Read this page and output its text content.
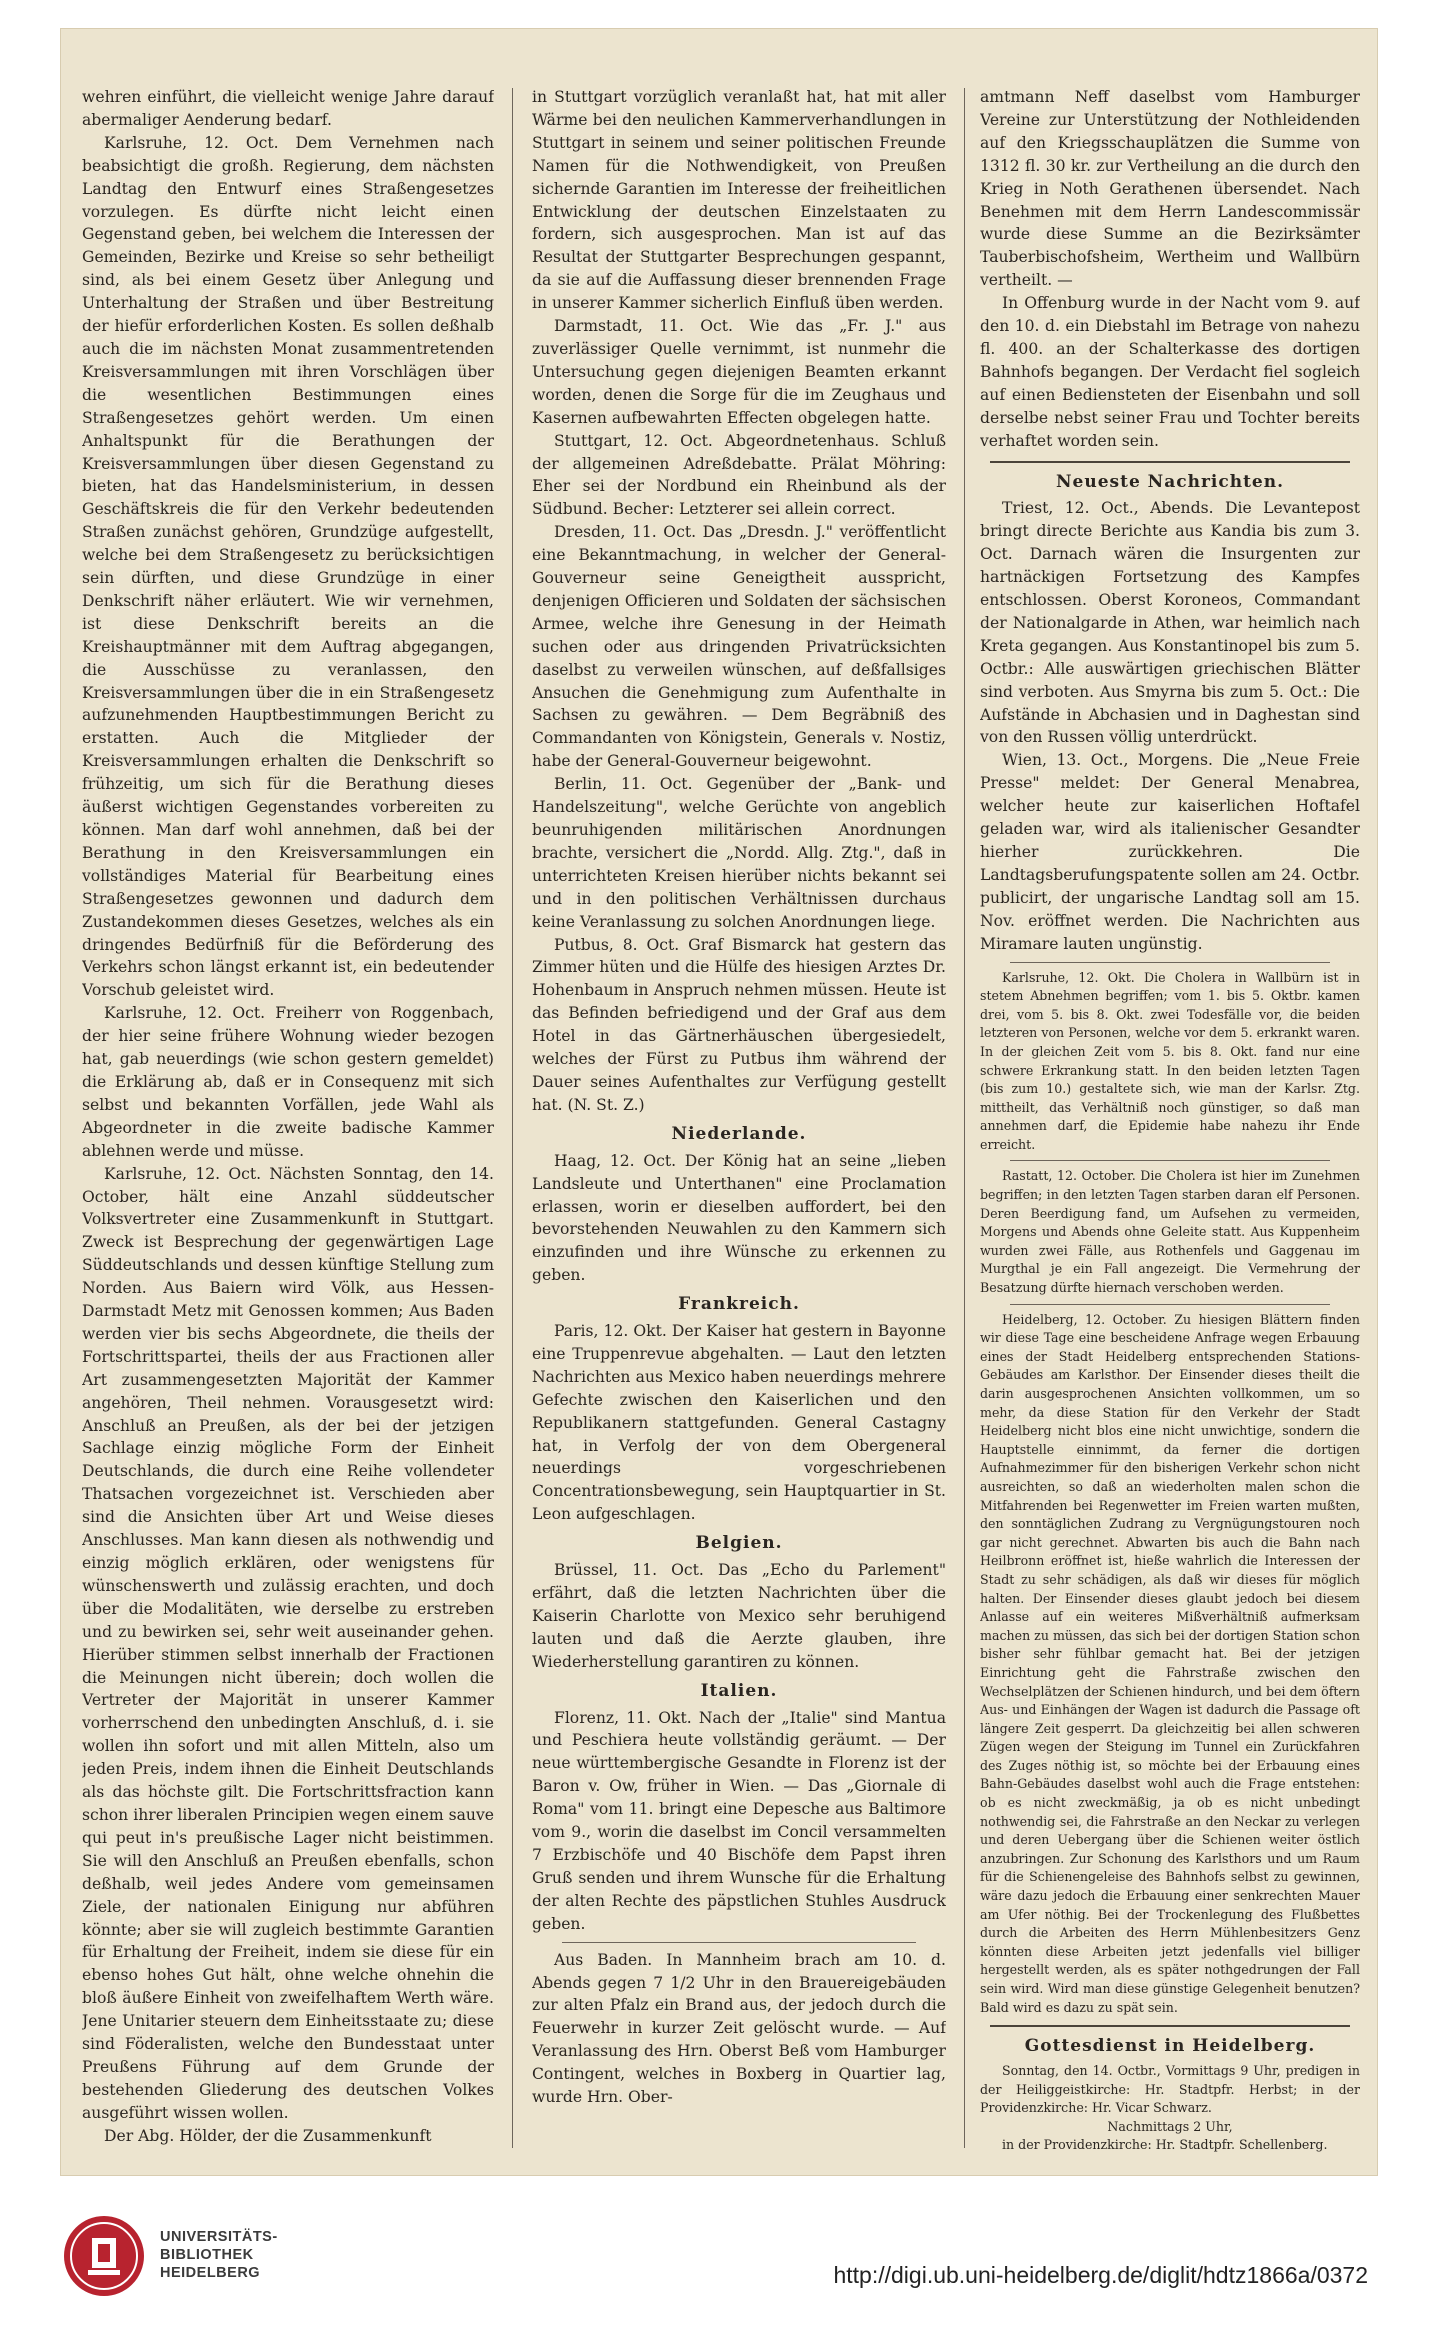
wehren einführt, die vielleicht wenige Jahre darauf abermaliger Aenderung bedarf.

Karlsruhe, 12. Oct. Dem Vernehmen nach beabsichtigt die großh. Regierung, dem nächsten Landtag den Entwurf eines Straßengesetzes vorzulegen. Es dürfte nicht leicht einen Gegenstand geben, bei welchem die Interessen der Gemeinden, Bezirke und Kreise so sehr betheiligt sind, als bei einem Gesetz über Anlegung und Unterhaltung der Straßen und über Bestreitung der hiefür erforderlichen Kosten. Es sollen deßhalb auch die im nächsten Monat zusammentretenden Kreisversammlungen mit ihren Vorschlägen über die wesentlichen Bestimmungen eines Straßengesetzes gehört werden. Um einen Anhaltspunkt für die Berathungen der Kreisversammlungen über diesen Gegenstand zu bieten, hat das Handelsministerium, in dessen Geschäftskreis die für den Verkehr bedeutenden Straßen zunächst gehören, Grundzüge aufgestellt, welche bei dem Straßengesetz zu berücksichtigen sein dürften, und diese Grundzüge in einer Denkschrift näher erläutert. Wie wir vernehmen, ist diese Denkschrift bereits an die Kreishauptmänner mit dem Auftrag abgegangen, die Ausschüsse zu veranlassen, den Kreisversammlungen über die in ein Straßengesetz aufzunehmenden Hauptbestimmungen Bericht zu erstatten. Auch die Mitglieder der Kreisversammlungen erhalten die Denkschrift so frühzeitig, um sich für die Berathung dieses äußerst wichtigen Gegenstandes vorbereiten zu können. Man darf wohl annehmen, daß bei der Berathung in den Kreisversammlungen ein vollständiges Material für Bearbeitung eines Straßengesetzes gewonnen und dadurch dem Zustandekommen dieses Gesetzes, welches als ein dringendes Bedürfniß für die Beförderung des Verkehrs schon längst erkannt ist, ein bedeutender Vorschub geleistet wird.

Karlsruhe, 12. Oct. Freiherr von Roggenbach, der hier seine frühere Wohnung wieder bezogen hat, gab neuerdings (wie schon gestern gemeldet) die Erklärung ab, daß er in Consequenz mit sich selbst und bekannten Vorfällen, jede Wahl als Abgeordneter in die zweite badische Kammer ablehnen werde und müsse.

Karlsruhe, 12. Oct. Nächsten Sonntag, den 14. October, hält eine Anzahl süddeutscher Volksvertreter eine Zusammenkunft in Stuttgart. Zweck ist Besprechung der gegenwärtigen Lage Süddeutschlands und dessen künftige Stellung zum Norden. Aus Baiern wird Völk, aus Hessen-Darmstadt Metz mit Genossen kommen; Aus Baden werden vier bis sechs Abgeordnete, die theils der Fortschrittspartei, theils der aus Fractionen aller Art zusammengesetzten Majorität der Kammer angehören, Theil nehmen. Vorausgesetzt wird: Anschluß an Preußen, als der bei der jetzigen Sachlage einzig mögliche Form der Einheit Deutschlands, die durch eine Reihe vollendeter Thatsachen vorgezeichnet ist. Verschieden aber sind die Ansichten über Art und Weise dieses Anschlusses. Man kann diesen als nothwendig und einzig möglich erklären, oder wenigstens für wünschenswerth und zulässig erachten, und doch über die Modalitäten, wie derselbe zu erstreben und zu bewirken sei, sehr weit auseinander gehen. Hierüber stimmen selbst innerhalb der Fractionen die Meinungen nicht überein; doch wollen die Vertreter der Majorität in unserer Kammer vorherrschend den unbedingten Anschluß, d. i. sie wollen ihn sofort und mit allen Mitteln, also um jeden Preis, indem ihnen die Einheit Deutschlands als das höchste gilt. Die Fortschrittsfraction kann schon ihrer liberalen Principien wegen einem sauve qui peut in's preußische Lager nicht beistimmen. Sie will den Anschluß an Preußen ebenfalls, schon deßhalb, weil jedes Andere vom gemeinsamen Ziele, der nationalen Einigung nur abführen könnte; aber sie will zugleich bestimmte Garantien für Erhaltung der Freiheit, indem sie diese für ein ebenso hohes Gut hält, ohne welche ohnehin die bloß äußere Einheit von zweifelhaftem Werth wäre. Jene Unitarier steuern dem Einheitsstaate zu; diese sind Föderalisten, welche den Bundesstaat unter Preußens Führung auf dem Grunde der bestehenden Gliederung des deutschen Volkes ausgeführt wissen wollen.

Der Abg. Hölder, der die Zusammenkunft

in Stuttgart vorzüglich veranlaßt hat, hat mit aller Wärme bei den neulichen Kammerverhandlungen in Stuttgart in seinem und seiner politischen Freunde Namen für die Nothwendigkeit, von Preußen sichernde Garantien im Interesse der freiheitlichen Entwicklung der deutschen Einzelstaaten zu fordern, sich ausgesprochen. Man ist auf das Resultat der Stuttgarter Besprechungen gespannt, da sie auf die Auffassung dieser brennenden Frage in unserer Kammer sicherlich Einfluß üben werden.

Darmstadt, 11. Oct. Wie das „Fr. J." aus zuverlässiger Quelle vernimmt, ist nunmehr die Untersuchung gegen diejenigen Beamten erkannt worden, denen die Sorge für die im Zeughaus und Kasernen aufbewahrten Effecten obgelegen hatte.

Stuttgart, 12. Oct. Abgeordnetenhaus. Schluß der allgemeinen Adreßdebatte. Prälat Möhring: Eher sei der Nordbund ein Rheinbund als der Südbund. Becher: Letzterer sei allein correct.

Dresden, 11. Oct. Das „Dresdn. J." veröffentlicht eine Bekanntmachung, in welcher der General-Gouverneur seine Geneigtheit ausspricht, denjenigen Officieren und Soldaten der sächsischen Armee, welche ihre Genesung in der Heimath suchen oder aus dringenden Privatrücksichten daselbst zu verweilen wünschen, auf deßfallsiges Ansuchen die Genehmigung zum Aufenthalte in Sachsen zu gewähren. — Dem Begräbniß des Commandanten von Königstein, Generals v. Nostiz, habe der General-Gouverneur beigewohnt.

Berlin, 11. Oct. Gegenüber der „Bank- und Handelszeitung", welche Gerüchte von angeblich beunruhigenden militärischen Anordnungen brachte, versichert die „Nordd. Allg. Ztg.", daß in unterrichteten Kreisen hierüber nichts bekannt sei und in den politischen Verhältnissen durchaus keine Veranlassung zu solchen Anordnungen liege.

Putbus, 8. Oct. Graf Bismarck hat gestern das Zimmer hüten und die Hülfe des hiesigen Arztes Dr. Hohenbaum in Anspruch nehmen müssen. Heute ist das Befinden befriedigend und der Graf aus dem Hotel in das Gärtnerhäuschen übergesiedelt, welches der Fürst zu Putbus ihm während der Dauer seines Aufenthaltes zur Verfügung gestellt hat. (N. St. Z.)

Niederlande.

Haag, 12. Oct. Der König hat an seine „lieben Landsleute und Unterthanen" eine Proclamation erlassen, worin er dieselben auffordert, bei den bevorstehenden Neuwahlen zu den Kammern sich einzufinden und ihre Wünsche zu erkennen zu geben.

Frankreich.

Paris, 12. Okt. Der Kaiser hat gestern in Bayonne eine Truppenrevue abgehalten. — Laut den letzten Nachrichten aus Mexico haben neuerdings mehrere Gefechte zwischen den Kaiserlichen und den Republikanern stattgefunden. General Castagny hat, in Verfolg der von dem Obergeneral neuerdings vorgeschriebenen Concentrationsbewegung, sein Hauptquartier in St. Leon aufgeschlagen.

Belgien.

Brüssel, 11. Oct. Das „Echo du Parlement" erfährt, daß die letzten Nachrichten über die Kaiserin Charlotte von Mexico sehr beruhigend lauten und daß die Aerzte glauben, ihre Wiederherstellung garantiren zu können.

Italien.

Florenz, 11. Okt. Nach der „Italie" sind Mantua und Peschiera heute vollständig geräumt. — Der neue württembergische Gesandte in Florenz ist der Baron v. Ow, früher in Wien. — Das „Giornale di Roma" vom 11. bringt eine Depesche aus Baltimore vom 9., worin die daselbst im Concil versammelten 7 Erzbischöfe und 40 Bischöfe dem Papst ihren Gruß senden und ihrem Wunsche für die Erhaltung der alten Rechte des päpstlichen Stuhles Ausdruck geben.

Aus Baden. In Mannheim brach am 10. d. Abends gegen 7 1/2 Uhr in den Brauereigebäuden zur alten Pfalz ein Brand aus, der jedoch durch die Feuerwehr in kurzer Zeit gelöscht wurde. — Auf Veranlassung des Hrn. Oberst Beß vom Hamburger Contingent, welches in Boxberg in Quartier lag, wurde Hrn. Ober-

amtmann Neff daselbst vom Hamburger Vereine zur Unterstützung der Nothleidenden auf den Kriegsschauplätzen die Summe von 1312 fl. 30 kr. zur Vertheilung an die durch den Krieg in Noth Gerathenen übersendet. Nach Benehmen mit dem Herrn Landescommissär wurde diese Summe an die Bezirksämter Tauberbischofsheim, Wertheim und Wallbürn vertheilt. —

In Offenburg wurde in der Nacht vom 9. auf den 10. d. ein Diebstahl im Betrage von nahezu fl. 400. an der Schalterkasse des dortigen Bahnhofs begangen. Der Verdacht fiel sogleich auf einen Bediensteten der Eisenbahn und soll derselbe nebst seiner Frau und Tochter bereits verhaftet worden sein.

Neueste Nachrichten.

Triest, 12. Oct., Abends. Die Levantepost bringt directe Berichte aus Kandia bis zum 3. Oct. Darnach wären die Insurgenten zur hartnäckigen Fortsetzung des Kampfes entschlossen. Oberst Koroneos, Commandant der Nationalgarde in Athen, war heimlich nach Kreta gegangen. Aus Konstantinopel bis zum 5. Octbr.: Alle auswärtigen griechischen Blätter sind verboten. Aus Smyrna bis zum 5. Oct.: Die Aufstände in Abchasien und in Daghestan sind von den Russen völlig unterdrückt.

Wien, 13. Oct., Morgens. Die „Neue Freie Presse" meldet: Der General Menabrea, welcher heute zur kaiserlichen Hoftafel geladen war, wird als italienischer Gesandter hierher zurückkehren. Die Landtagsberufungspatente sollen am 24. Octbr. publicirt, der ungarische Landtag soll am 15. Nov. eröffnet werden. Die Nachrichten aus Miramare lauten ungünstig.

Karlsruhe, 12. Okt. Die Cholera in Wallbürn ist in stetem Abnehmen begriffen; vom 1. bis 5. Oktbr. kamen drei, vom 5. bis 8. Okt. zwei Todesfälle vor, die beiden letzteren von Personen, welche vor dem 5. erkrankt waren. In der gleichen Zeit vom 5. bis 8. Okt. fand nur eine schwere Erkrankung statt. In den beiden letzten Tagen (bis zum 10.) gestaltete sich, wie man der Karlsr. Ztg. mittheilt, das Verhältniß noch günstiger, so daß man annehmen darf, die Epidemie habe nahezu ihr Ende erreicht.

Rastatt, 12. October. Die Cholera ist hier im Zunehmen begriffen; in den letzten Tagen starben daran elf Personen. Deren Beerdigung fand, um Aufsehen zu vermeiden, Morgens und Abends ohne Geleite statt. Aus Kuppenheim wurden zwei Fälle, aus Rothenfels und Gaggenau im Murgthal je ein Fall angezeigt. Die Vermehrung der Besatzung dürfte hiernach verschoben werden.

Heidelberg, 12. October. Zu hiesigen Blättern finden wir diese Tage eine bescheidene Anfrage wegen Erbauung eines der Stadt Heidelberg entsprechenden Stations-Gebäudes am Karlsthor. Der Einsender dieses theilt die darin ausgesprochenen Ansichten vollkommen, um so mehr, da diese Station für den Verkehr der Stadt Heidelberg nicht blos eine nicht unwichtige, sondern die Hauptstelle einnimmt, da ferner die dortigen Aufnahmezimmer für den bisherigen Verkehr schon nicht ausreichten, so daß an wiederholten malen schon die Mitfahrenden bei Regenwetter im Freien warten mußten, den sonntäglichen Zudrang zu Vergnügungstouren noch gar nicht gerechnet. Abwarten bis auch die Bahn nach Heilbronn eröffnet ist, hieße wahrlich die Interessen der Stadt zu sehr schädigen, als daß wir dieses für möglich halten. Der Einsender dieses glaubt jedoch bei diesem Anlasse auf ein weiteres Mißverhältniß aufmerksam machen zu müssen, das sich bei der dortigen Station schon bisher sehr fühlbar gemacht hat. Bei der jetzigen Einrichtung geht die Fahrstraße zwischen den Wechselplätzen der Schienen hindurch, und bei dem öftern Aus- und Einhängen der Wagen ist dadurch die Passage oft längere Zeit gesperrt. Da gleichzeitig bei allen schweren Zügen wegen der Steigung im Tunnel ein Zurückfahren des Zuges nöthig ist, so möchte bei der Erbauung eines Bahn-Gebäudes daselbst wohl auch die Frage entstehen: ob es nicht zweckmäßig, ja ob es nicht unbedingt nothwendig sei, die Fahrstraße an den Neckar zu verlegen und deren Uebergang über die Schienen weiter östlich anzubringen. Zur Schonung des Karlsthors und um Raum für die Schienengeleise des Bahnhofs selbst zu gewinnen, wäre dazu jedoch die Erbauung einer senkrechten Mauer am Ufer nöthig. Bei der Trockenlegung des Flußbettes durch die Arbeiten des Herrn Mühlenbesitzers Genz könnten diese Arbeiten jetzt jedenfalls viel billiger hergestellt werden, als es später nothgedrungen der Fall sein wird. Wird man diese günstige Gelegenheit benutzen? Bald wird es dazu zu spät sein.

Gottesdienst in Heidelberg.

Sonntag, den 14. Octbr., Vormittags 9 Uhr, predigen in der Heiliggeistkirche: Hr. Stadtpfr. Herbst; in der Providenzkirche: Hr. Vicar Schwarz.

Nachmittags 2 Uhr,

in der Providenzkirche: Hr. Stadtpfr. Schellenberg.

UNIVERSITÄTS-
BIBLIOTHEK
HEIDELBERG	http://digi.ub.uni-heidelberg.de/diglit/hdtz1866a/0372
